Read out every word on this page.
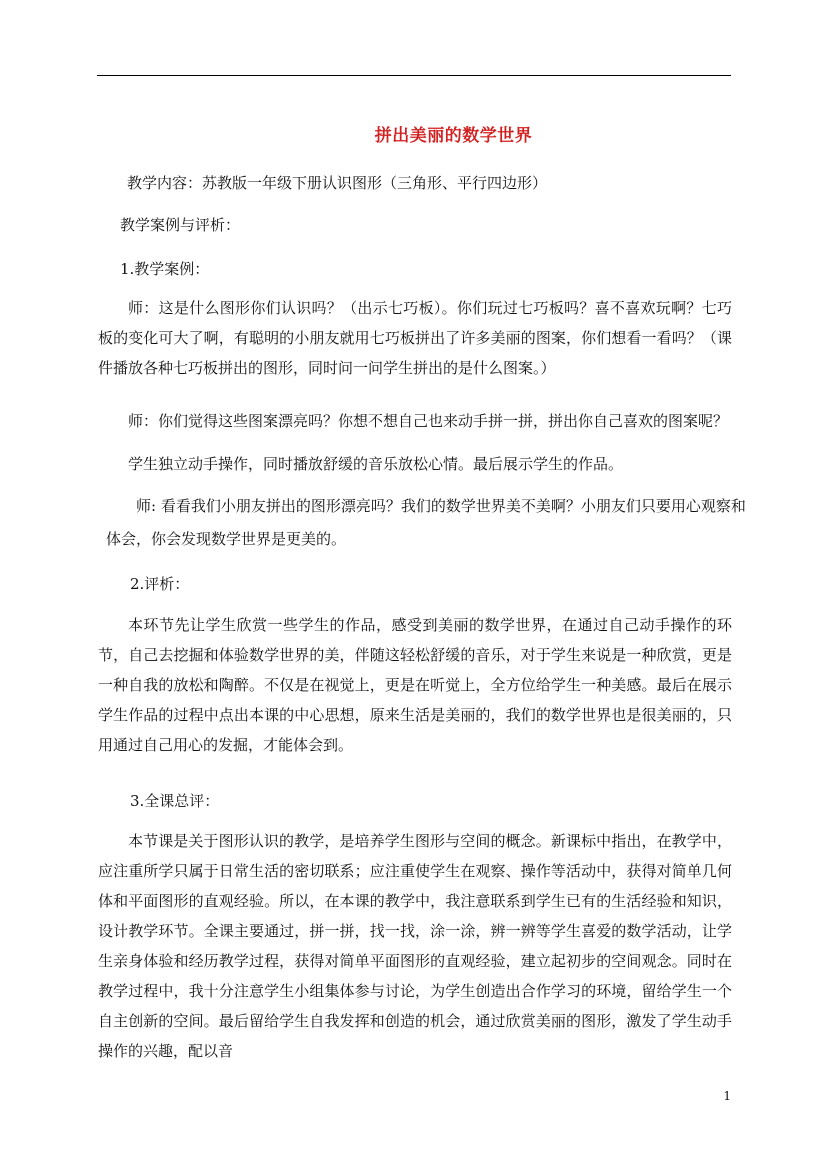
拼出美丽的数学世界
教学内容：苏教版一年级下册认识图形（三角形、平行四边形）
教学案例与评析：
1.教学案例：
师：这是什么图形你们认识吗？（出示七巧板）。你们玩过七巧板吗？喜不喜欢玩啊？七巧板的变化可大了啊，有聪明的小朋友就用七巧板拼出了许多美丽的图案，你们想看一看吗？（课件播放各种七巧板拼出的图形，同时问一问学生拼出的是什么图案。）
师：你们觉得这些图案漂亮吗？你想不想自己也来动手拼一拼，拼出你自己喜欢的图案呢？
学生独立动手操作，同时播放舒缓的音乐放松心情。最后展示学生的作品。
师: 看看我们小朋友拼出的图形漂亮吗？我们的数学世界美不美啊？小朋友们只要用心观察和
体会，你会发现数学世界是更美的。
2.评析：
本环节先让学生欣赏一些学生的作品，感受到美丽的数学世界，在通过自己动手操作的环节，自己去挖掘和体验数学世界的美，伴随这轻松舒缓的音乐，对于学生来说是一种欣赏，更是一种自我的放松和陶醉。不仅是在视觉上，更是在听觉上，全方位给学生一种美感。最后在展示学生作品的过程中点出本课的中心思想，原来生活是美丽的，我们的数学世界也是很美丽的，只用通过自己用心的发掘，才能体会到。
3.全课总评：
本节课是关于图形认识的教学，是培养学生图形与空间的概念。新课标中指出，在教学中，应注重所学只属于日常生活的密切联系；应注重使学生在观察、操作等活动中，获得对简单几何体和平面图形的直观经验。所以，在本课的教学中，我注意联系到学生已有的生活经验和知识，设计教学环节。全课主要通过，拼一拼，找一找，涂一涂，辨一辨等学生喜爱的数学活动，让学生亲身体验和经历教学过程，获得对简单平面图形的直观经验，建立起初步的空间观念。同时在教学过程中，我十分注意学生小组集体参与讨论，为学生创造出合作学习的环境，留给学生一个自主创新的空间。最后留给学生自我发挥和创造的机会，通过欣赏美丽的图形，激发了学生动手操作的兴趣，配以音
1
